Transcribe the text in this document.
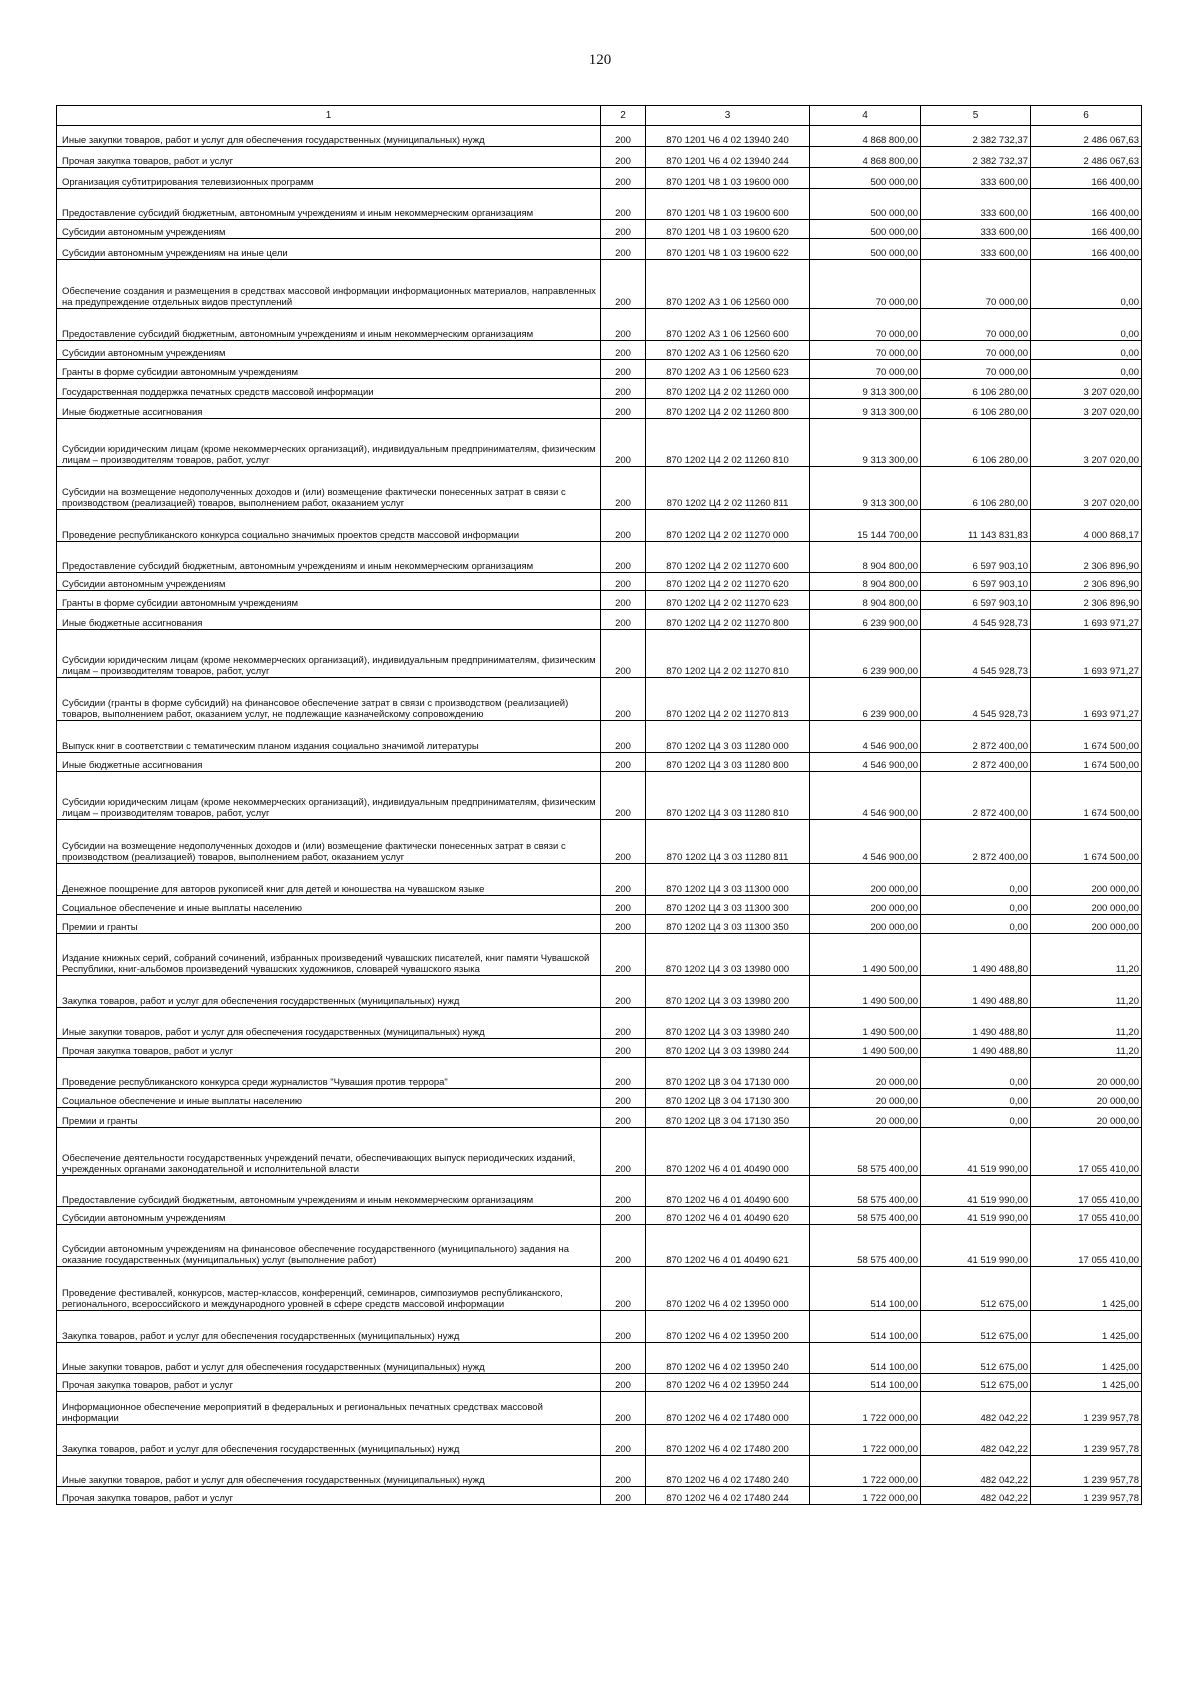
120
1	2	3	4	5	6
Иные закупки товаров, работ и услуг для обеспечения государственных (муниципальных) нужд	200	870 1201 Ч6 4 02 13940 240	4 868 800,00	2 382 732,37	2 486 067,63
Прочая закупка товаров, работ и услуг	200	870 1201 Ч6 4 02 13940 244	4 868 800,00	2 382 732,37	2 486 067,63
Организация субтитрирования телевизионных программ	200	870 1201 Ч8 1 03 19600 000	500 000,00	333 600,00	166 400,00
Предоставление субсидий бюджетным, автономным учреждениям и иным некоммерческим организациям	200	870 1201 Ч8 1 03 19600 600	500 000,00	333 600,00	166 400,00
Субсидии автономным учреждениям	200	870 1201 Ч8 1 03 19600 620	500 000,00	333 600,00	166 400,00
Субсидии автономным учреждениям на иные цели	200	870 1201 Ч8 1 03 19600 622	500 000,00	333 600,00	166 400,00
Обеспечение создания и размещения в средствах массовой информации информационных материалов, направленных на предупреждение отдельных видов преступлений	200	870 1202 А3 1 06 12560 000	70 000,00	70 000,00	0,00
Предоставление субсидий бюджетным, автономным учреждениям и иным некоммерческим организациям	200	870 1202 А3 1 06 12560 600	70 000,00	70 000,00	0,00
Субсидии автономным учреждениям	200	870 1202 А3 1 06 12560 620	70 000,00	70 000,00	0,00
Гранты в форме субсидии автономным учреждениям	200	870 1202 А3 1 06 12560 623	70 000,00	70 000,00	0,00
Государственная поддержка печатных средств массовой информации	200	870 1202 Ц4 2 02 11260 000	9 313 300,00	6 106 280,00	3 207 020,00
Иные бюджетные ассигнования	200	870 1202 Ц4 2 02 11260 800	9 313 300,00	6 106 280,00	3 207 020,00
Субсидии юридическим лицам (кроме некоммерческих организаций), индивидуальным предпринимателям, физическим лицам – производителям товаров, работ, услуг	200	870 1202 Ц4 2 02 11260 810	9 313 300,00	6 106 280,00	3 207 020,00
Субсидии на возмещение недополученных доходов и (или) возмещение фактически понесенных затрат в связи с производством (реализацией) товаров, выполнением работ, оказанием услуг	200	870 1202 Ц4 2 02 11260 811	9 313 300,00	6 106 280,00	3 207 020,00
Проведение республиканского конкурса социально значимых проектов средств массовой информации	200	870 1202 Ц4 2 02 11270 000	15 144 700,00	11 143 831,83	4 000 868,17
Предоставление субсидий бюджетным, автономным учреждениям и иным некоммерческим организациям	200	870 1202 Ц4 2 02 11270 600	8 904 800,00	6 597 903,10	2 306 896,90
Субсидии автономным учреждениям	200	870 1202 Ц4 2 02 11270 620	8 904 800,00	6 597 903,10	2 306 896,90
Гранты в форме субсидии автономным учреждениям	200	870 1202 Ц4 2 02 11270 623	8 904 800,00	6 597 903,10	2 306 896,90
Иные бюджетные ассигнования	200	870 1202 Ц4 2 02 11270 800	6 239 900,00	4 545 928,73	1 693 971,27
Субсидии юридическим лицам (кроме некоммерческих организаций), индивидуальным предпринимателям, физическим лицам – производителям товаров, работ, услуг	200	870 1202 Ц4 2 02 11270 810	6 239 900,00	4 545 928,73	1 693 971,27
Субсидии (гранты в форме субсидий) на финансовое обеспечение затрат в связи с производством (реализацией) товаров, выполнением работ, оказанием услуг, не подлежащие казначейскому сопровождению	200	870 1202 Ц4 2 02 11270 813	6 239 900,00	4 545 928,73	1 693 971,27
Выпуск книг в соответствии с тематическим планом издания социально значимой литературы	200	870 1202 Ц4 3 03 11280 000	4 546 900,00	2 872 400,00	1 674 500,00
Иные бюджетные ассигнования	200	870 1202 Ц4 3 03 11280 800	4 546 900,00	2 872 400,00	1 674 500,00
Субсидии юридическим лицам (кроме некоммерческих организаций), индивидуальным предпринимателям, физическим лицам – производителям товаров, работ, услуг	200	870 1202 Ц4 3 03 11280 810	4 546 900,00	2 872 400,00	1 674 500,00
Субсидии на возмещение недополученных доходов и (или) возмещение фактически понесенных затрат в связи с производством (реализацией) товаров, выполнением работ, оказанием услуг	200	870 1202 Ц4 3 03 11280 811	4 546 900,00	2 872 400,00	1 674 500,00
Денежное поощрение для авторов рукописей книг для детей и юношества на чувашском языке	200	870 1202 Ц4 3 03 11300 000	200 000,00	0,00	200 000,00
Социальное обеспечение и иные выплаты населению	200	870 1202 Ц4 3 03 11300 300	200 000,00	0,00	200 000,00
Премии и гранты	200	870 1202 Ц4 3 03 11300 350	200 000,00	0,00	200 000,00
Издание книжных серий, собраний сочинений, избранных произведений чувашских писателей, книг памяти Чувашской Республики, книг-альбомов произведений чувашских художников, словарей чувашского языка	200	870 1202 Ц4 3 03 13980 000	1 490 500,00	1 490 488,80	11,20
Закупка товаров, работ и услуг для обеспечения государственных (муниципальных) нужд	200	870 1202 Ц4 3 03 13980 200	1 490 500,00	1 490 488,80	11,20
Иные закупки товаров, работ и услуг для обеспечения государственных (муниципальных) нужд	200	870 1202 Ц4 3 03 13980 240	1 490 500,00	1 490 488,80	11,20
Прочая закупка товаров, работ и услуг	200	870 1202 Ц4 3 03 13980 244	1 490 500,00	1 490 488,80	11,20
Проведение республиканского конкурса среди журналистов "Чувашия против террора"	200	870 1202 Ц8 3 04 17130 000	20 000,00	0,00	20 000,00
Социальное обеспечение и иные выплаты населению	200	870 1202 Ц8 3 04 17130 300	20 000,00	0,00	20 000,00
Премии и гранты	200	870 1202 Ц8 3 04 17130 350	20 000,00	0,00	20 000,00
Обеспечение деятельности государственных учреждений печати, обеспечивающих выпуск периодических изданий, учрежденных органами законодательной и исполнительной власти	200	870 1202 Ч6 4 01 40490 000	58 575 400,00	41 519 990,00	17 055 410,00
Предоставление субсидий бюджетным, автономным учреждениям и иным некоммерческим организациям	200	870 1202 Ч6 4 01 40490 600	58 575 400,00	41 519 990,00	17 055 410,00
Субсидии автономным учреждениям	200	870 1202 Ч6 4 01 40490 620	58 575 400,00	41 519 990,00	17 055 410,00
Субсидии автономным учреждениям на финансовое обеспечение государственного (муниципального) задания на оказание государственных (муниципальных) услуг (выполнение работ)	200	870 1202 Ч6 4 01 40490 621	58 575 400,00	41 519 990,00	17 055 410,00
Проведение фестивалей, конкурсов, мастер-классов, конференций, семинаров, симпозиумов республиканского, регионального, всероссийского и международного уровней в сфере средств массовой информации	200	870 1202 Ч6 4 02 13950 000	514 100,00	512 675,00	1 425,00
Закупка товаров, работ и услуг для обеспечения государственных (муниципальных) нужд	200	870 1202 Ч6 4 02 13950 200	514 100,00	512 675,00	1 425,00
Иные закупки товаров, работ и услуг для обеспечения государственных (муниципальных) нужд	200	870 1202 Ч6 4 02 13950 240	514 100,00	512 675,00	1 425,00
Прочая закупка товаров, работ и услуг	200	870 1202 Ч6 4 02 13950 244	514 100,00	512 675,00	1 425,00
Информационное обеспечение мероприятий в федеральных и региональных печатных средствах массовой информации	200	870 1202 Ч6 4 02 17480 000	1 722 000,00	482 042,22	1 239 957,78
Закупка товаров, работ и услуг для обеспечения государственных (муниципальных) нужд	200	870 1202 Ч6 4 02 17480 200	1 722 000,00	482 042,22	1 239 957,78
Иные закупки товаров, работ и услуг для обеспечения государственных (муниципальных) нужд	200	870 1202 Ч6 4 02 17480 240	1 722 000,00	482 042,22	1 239 957,78
Прочая закупка товаров, работ и услуг	200	870 1202 Ч6 4 02 17480 244	1 722 000,00	482 042,22	1 239 957,78
